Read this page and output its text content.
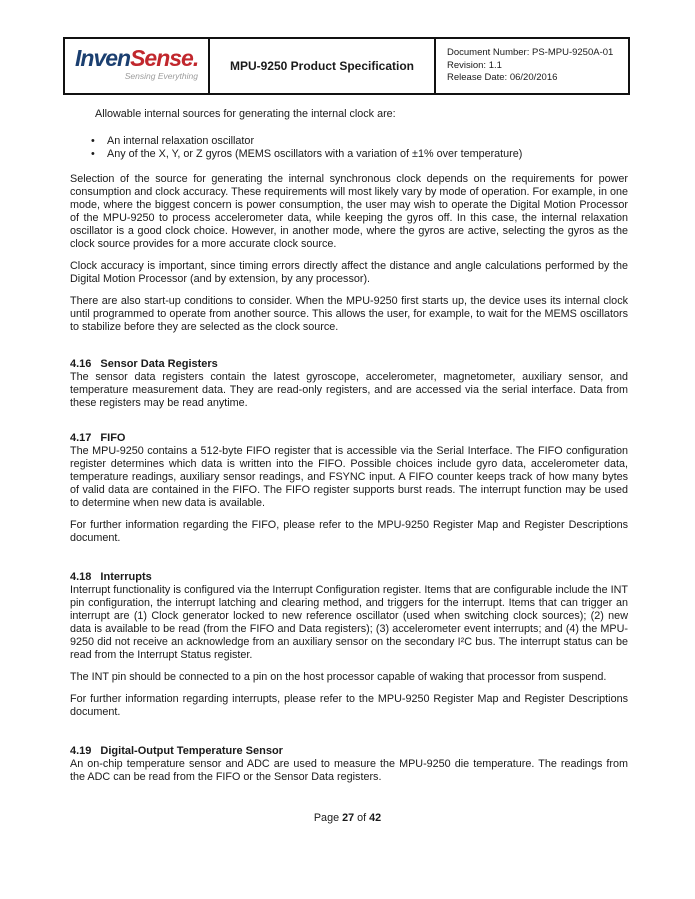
InvenSense.
Sensing Everything
MPU-9250 Product Specification
Document Number: PS-MPU-9250A-01
Revision: 1.1
Release Date: 06/20/2016

Allowable internal sources for generating the internal clock are:

• An internal relaxation oscillator
• Any of the X, Y, or Z gyros (MEMS oscillators with a variation of ±1% over temperature)

Selection of the source for generating the internal synchronous clock depends on the requirements for power consumption and clock accuracy. These requirements will most likely vary by mode of operation. For example, in one mode, where the biggest concern is power consumption, the user may wish to operate the Digital Motion Processor of the MPU-9250 to process accelerometer data, while keeping the gyros off. In this case, the internal relaxation oscillator is a good clock choice. However, in another mode, where the gyros are active, selecting the gyros as the clock source provides for a more accurate clock source.

Clock accuracy is important, since timing errors directly affect the distance and angle calculations performed by the Digital Motion Processor (and by extension, by any processor).

There are also start-up conditions to consider. When the MPU-9250 first starts up, the device uses its internal clock until programmed to operate from another source. This allows the user, for example, to wait for the MEMS oscillators to stabilize before they are selected as the clock source.

4.16 Sensor Data Registers

The sensor data registers contain the latest gyroscope, accelerometer, magnetometer, auxiliary sensor, and temperature measurement data. They are read-only registers, and are accessed via the serial interface. Data from these registers may be read anytime.

4.17 FIFO

The MPU-9250 contains a 512-byte FIFO register that is accessible via the Serial Interface. The FIFO configuration register determines which data is written into the FIFO. Possible choices include gyro data, accelerometer data, temperature readings, auxiliary sensor readings, and FSYNC input. A FIFO counter keeps track of how many bytes of valid data are contained in the FIFO. The FIFO register supports burst reads. The interrupt function may be used to determine when new data is available.

For further information regarding the FIFO, please refer to the MPU-9250 Register Map and Register Descriptions document.

4.18 Interrupts

Interrupt functionality is configured via the Interrupt Configuration register. Items that are configurable include the INT pin configuration, the interrupt latching and clearing method, and triggers for the interrupt. Items that can trigger an interrupt are (1) Clock generator locked to new reference oscillator (used when switching clock sources); (2) new data is available to be read (from the FIFO and Data registers); (3) accelerometer event interrupts; and (4) the MPU-9250 did not receive an acknowledge from an auxiliary sensor on the secondary I²C bus. The interrupt status can be read from the Interrupt Status register.

The INT pin should be connected to a pin on the host processor capable of waking that processor from suspend.

For further information regarding interrupts, please refer to the MPU-9250 Register Map and Register Descriptions document.

4.19 Digital-Output Temperature Sensor

An on-chip temperature sensor and ADC are used to measure the MPU-9250 die temperature. The readings from the ADC can be read from the FIFO or the Sensor Data registers.

Page 27 of 42
